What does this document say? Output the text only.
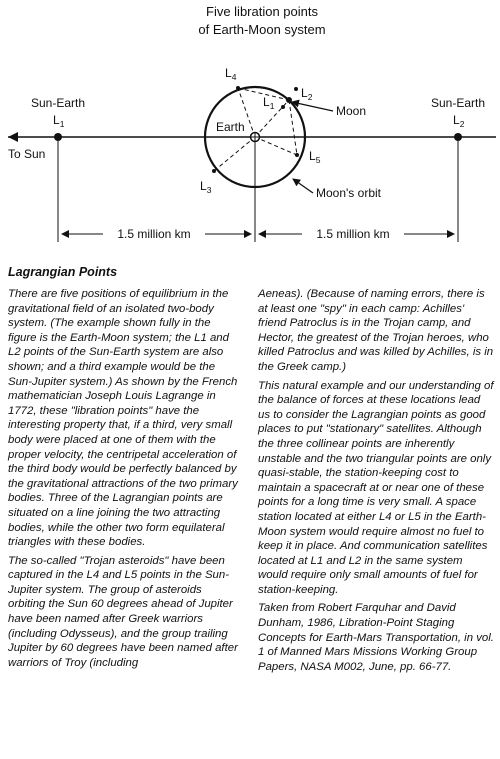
Five libration points
of Earth-Moon system
To Sun
Sun-Earth
$L_1$
Sun-Earth
$L_2$
Earth
Moon
$L_4$
$L_2$
$L_1$
$L_5$
$L_3$	Moon's orbit
1.5 million km	1.5 million km
Lagrangian Points

There are five positions of equilibrium in the gravitational field of an isolated two-body system. (The example shown fully in the figure is the Earth-Moon system; the L1 and L2 points of the Sun-Earth system are also shown; and a third example would be the Sun-Jupiter system.) As shown by the French mathematician Joseph Louis Lagrange in 1772, these "libration points" have the interesting property that, if a third, very small body were placed at one of them with the proper velocity, the centripetal acceleration of the third body would be perfectly balanced by the gravitational attractions of the two primary bodies. Three of the Lagrangian points are situated on a line joining the two attracting bodies, while the other two form equilateral triangles with these bodies.

The so-called "Trojan asteroids" have been captured in the L4 and L5 points in the Sun-Jupiter system. The group of asteroids orbiting the Sun 60 degrees ahead of Jupiter have been named after Greek warriors (including Odysseus), and the group trailing Jupiter by 60 degrees have been named after warriors of Troy (including

Aeneas). (Because of naming errors, there is at least one "spy" in each camp: Achilles' friend Patroclus is in the Trojan camp, and Hector, the greatest of the Trojan heroes, who killed Patroclus and was killed by Achilles, is in the Greek camp.)

This natural example and our understanding of the balance of forces at these locations lead us to consider the Lagrangian points as good places to put "stationary" satellites. Although the three collinear points are inherently unstable and the two triangular points are only quasi-stable, the station-keeping cost to maintain a spacecraft at or near one of these points for a long time is very small. A space station located at either L4 or L5 in the Earth-Moon system would require almost no fuel to keep it in place. And communication satellites located at L1 and L2 in the same system would require only small amounts of fuel for station-keeping.

Taken from Robert Farquhar and David Dunham, 1986, Libration-Point Staging Concepts for Earth-Mars Transportation, in vol. 1 of Manned Mars Missions Working Group Papers, NASA M002, June, pp. 66-77.
